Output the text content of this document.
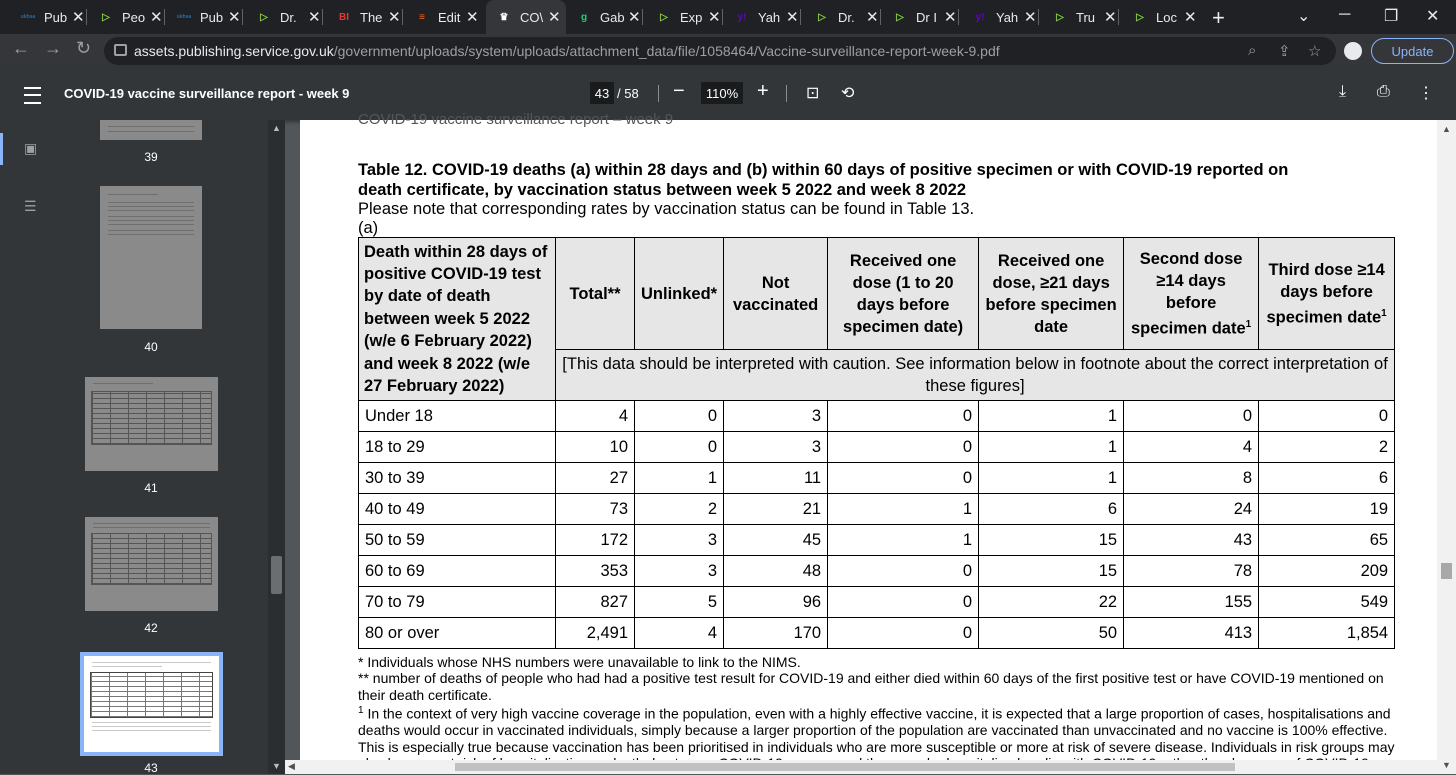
ukhsa Pub ✕	▷ Peo ✕	ukhsa Pub ✕	▷ Dr. ✕	BI The ✕	≡	Edit ✕	♛ CO\ ✕	g Gab ✕	▷ Exp ✕	y! Yah ✕	▷ Dr. ✕	▷ Dr I ✕	y! Yah ✕	▷ Tru ✕	▷ Loc ✕ +	⌄ ─ ❐ ✕
← → ↻	assets.publishing.service.gov.uk/government/uploads/system/uploads/attachment_data/file/1058464/Vaccine-surveillance-report-week-9.pdf	⌕ ⇪ ☆	Update
COVID-19 vaccine surveillance report - week 9	43 / 58 −	110% + ⊡ ⟲	⤓ ⎙ ⋮
▣
☰
39
40
41
42
43
▲
▼
COVID-19 vaccine surveillance report – week 9
Table 12. COVID-19 deaths (a) within 28 days and (b) within 60 days of positive specimen or with COVID-19 reported on
death certificate, by vaccination status between week 5 2022 and week 8 2022
Please note that corresponding rates by vaccination status can be found in Table 13.
(a)
Death within 28 days of positive COVID-19 test by date of death between week 5 2022 (w/e 6 February 2022) and week 8 2022 (w/e 27 February 2022)	Total**	Unlinked*	Not vaccinated	Received one dose (1 to 20 days before specimen date)	Received one dose, ≥21 days before specimen date	Second dose ≥14 days before specimen date$^1$	Third dose ≥14 days before specimen date$^1$
	[This data should be interpreted with caution. See information below in footnote about the correct interpretation of these figures]						
Under 18	4	0	3	0	1	0	0
18 to 29	10	0	3	0	1	4	2
30 to 39	27	1	11	0	1	8	6
40 to 49	73	2	21	1	6	24	19
50 to 59	172	3	45	1	15	43	65
60 to 69	353	3	48	0	15	78	209
70 to 79	827	5	96	0	22	155	549
80 or over	2,491	4	170	0	50	413	1,854
* Individuals whose NHS numbers were unavailable to link to the NIMS.
** number of deaths of people who had had a positive test result for COVID-19 and either died within 60 days of the first positive test or have COVID-19 mentioned on their death certificate.
$^1$ In the context of very high vaccine coverage in the population, even with a highly effective vaccine, it is expected that a large proportion of cases, hospitalisations and deaths would occur in vaccinated individuals, simply because a larger proportion of the population are vaccinated than unvaccinated and no vaccine is 100% effective. This is especially true because vaccination has been prioritised in individuals who are more susceptible or more at risk of severe disease. Individuals in risk groups may
▲
▼
◀
